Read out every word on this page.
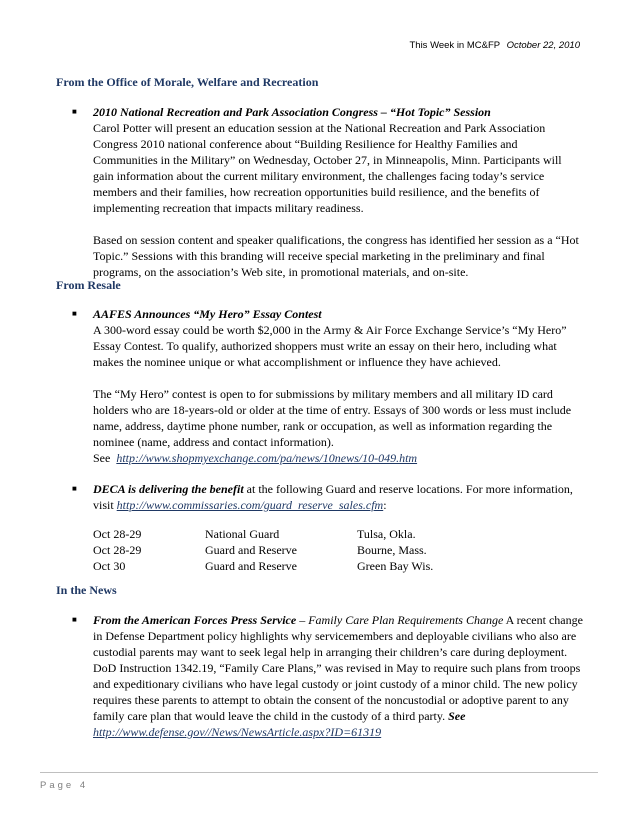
This Week in MC&FP October 22, 2010
From the Office of Morale, Welfare and Recreation
■ 2010 National Recreation and Park Association Congress – “Hot Topic” Session

Carol Potter will present an education session at the National Recreation and Park Association Congress 2010 national conference about “Building Resilience for Healthy Families and Communities in the Military” on Wednesday, October 27, in Minneapolis, Minn. Participants will gain information about the current military environment, the challenges facing today’s service members and their families, how recreation opportunities build resilience, and the benefits of implementing recreation that impacts military readiness.

Based on session content and speaker qualifications, the congress has identified her session as a “Hot Topic.” Sessions with this branding will receive special marketing in the preliminary and final programs, on the association’s Web site, in promotional materials, and on-site.

From Resale
■ AAFES Announces “My Hero” Essay Contest

A 300-word essay could be worth $2,000 in the Army & Air Force Exchange Service’s “My Hero” Essay Contest. To qualify, authorized shoppers must write an essay on their hero, including what makes the nominee unique or what accomplishment or influence they have achieved.

The “My Hero” contest is open to for submissions by military members and all military ID card holders who are 18-years-old or older at the time of entry. Essays of 300 words or less must include name, address, daytime phone number, rank or occupation, as well as information regarding the nominee (name, address and contact information).

See http://www.shopmyexchange.com/pa/news/10news/10-049.htm

■ DECA is delivering the benefit at the following Guard and reserve locations. For more information, visit http://www.commissaries.com/guard_reserve_sales.cfm:

Oct 28-29	National Guard	Tulsa, Okla.
Oct 28-29	Guard and Reserve	Bourne, Mass.
Oct 30	Guard and Reserve	Green Bay Wis.
In the News
■ From the American Forces Press Service – Family Care Plan Requirements Change A recent change in Defense Department policy highlights why servicemembers and deployable civilians who also are custodial parents may want to seek legal help in arranging their children’s care during deployment. DoD Instruction 1342.19, “Family Care Plans,” was revised in May to require such plans from troops and expeditionary civilians who have legal custody or joint custody of a minor child. The new policy requires these parents to attempt to obtain the consent of the noncustodial or adoptive parent to any family care plan that would leave the child in the custody of a third party. See http://www.defense.gov//News/NewsArticle.aspx?ID=61319

Page 4
